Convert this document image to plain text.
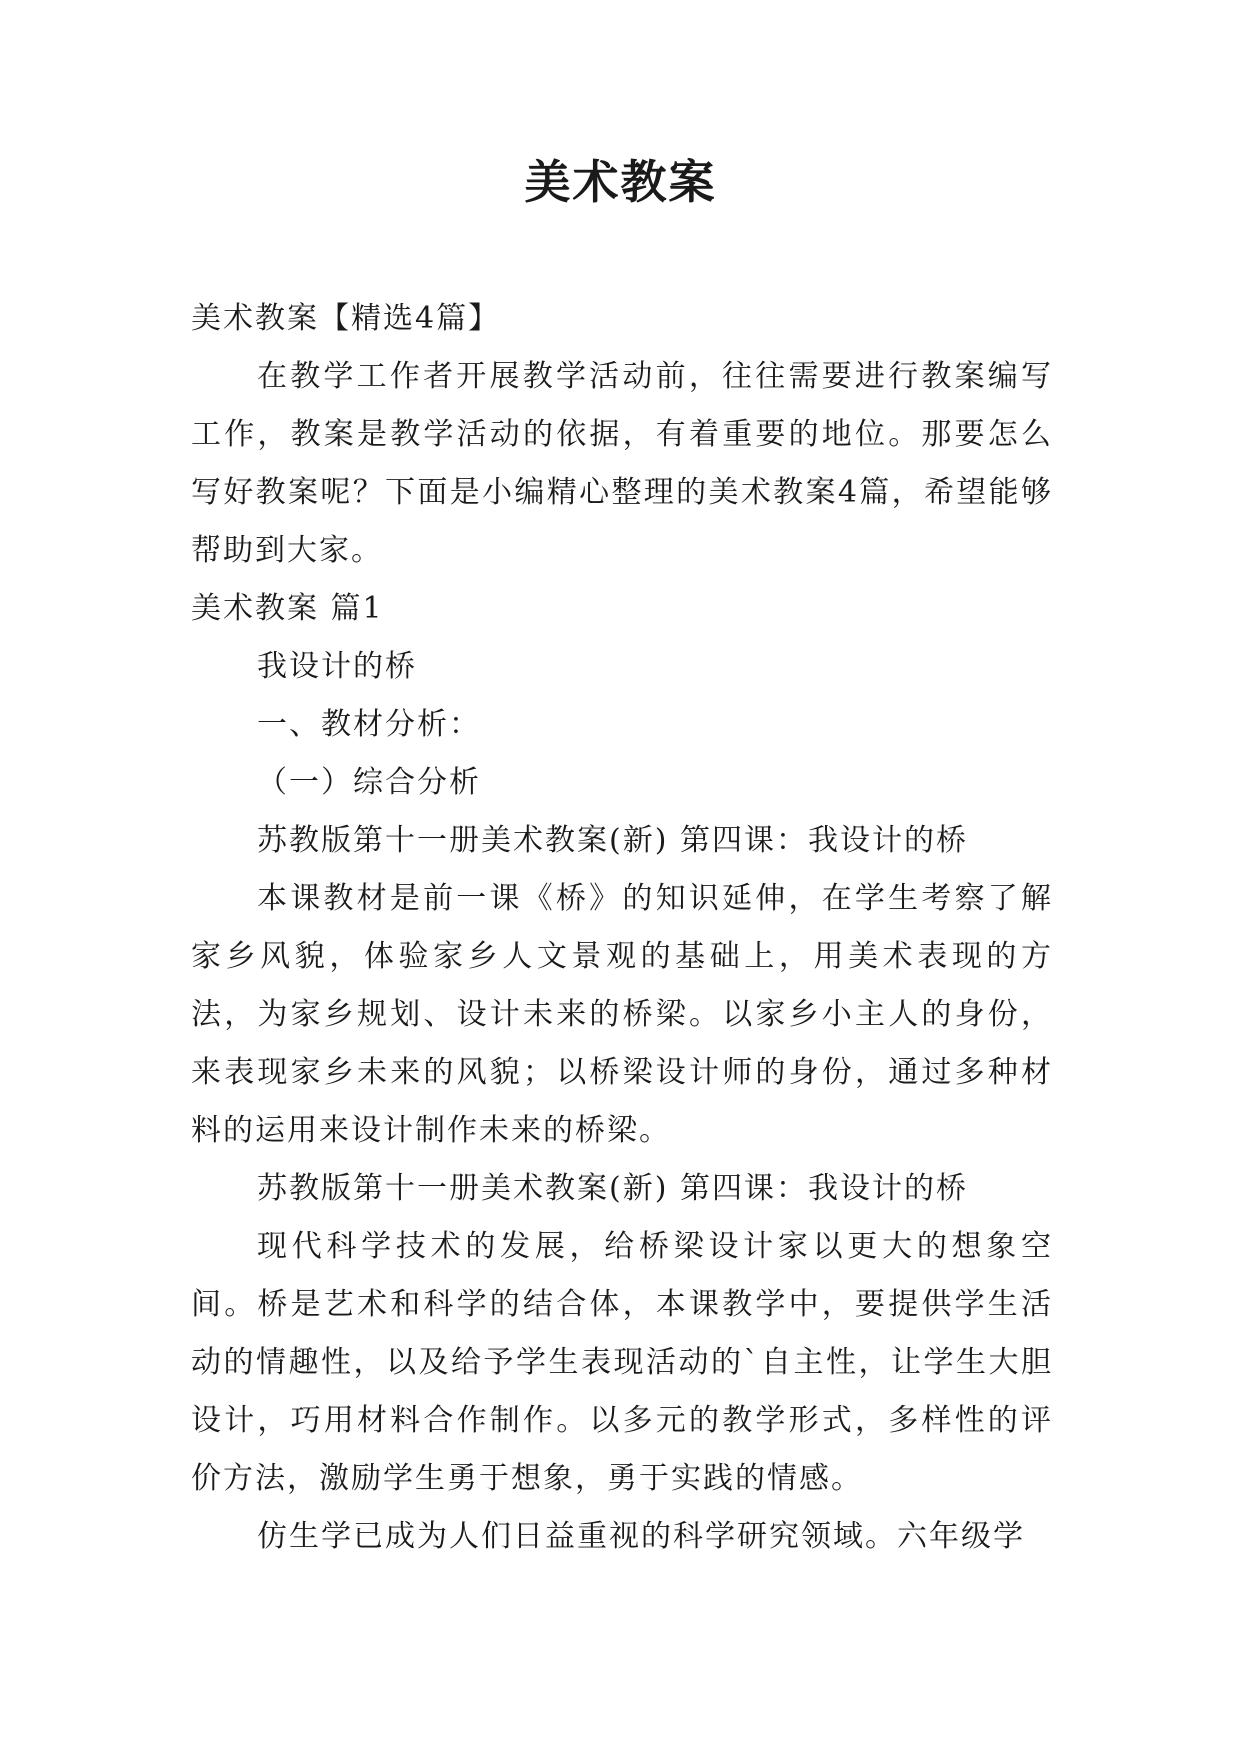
美术教案

美术教案【精选4篇】

在教学工作者开展教学活动前，往往需要进行教案编写工作，教案是教学活动的依据，有着重要的地位。那要怎么写好教案呢？下面是小编精心整理的美术教案4篇，希望能够帮助到大家。

美术教案 篇1

我设计的桥

一、教材分析：

（一）综合分析

苏教版第十一册美术教案(新) 第四课：我设计的桥

本课教材是前一课《桥》的知识延伸，在学生考察了解家乡风貌，体验家乡人文景观的基础上，用美术表现的方法，为家乡规划、设计未来的桥梁。以家乡小主人的身份，来表现家乡未来的风貌；以桥梁设计师的身份，通过多种材料的运用来设计制作未来的桥梁。

苏教版第十一册美术教案(新) 第四课：我设计的桥

现代科学技术的发展，给桥梁设计家以更大的想象空间。桥是艺术和科学的结合体，本课教学中，要提供学生活动的情趣性，以及给予学生表现活动的`自主性，让学生大胆设计，巧用材料合作制作。以多元的教学形式，多样性的评价方法，激励学生勇于想象，勇于实践的情感。

仿生学已成为人们日益重视的科学研究领域。六年级学
